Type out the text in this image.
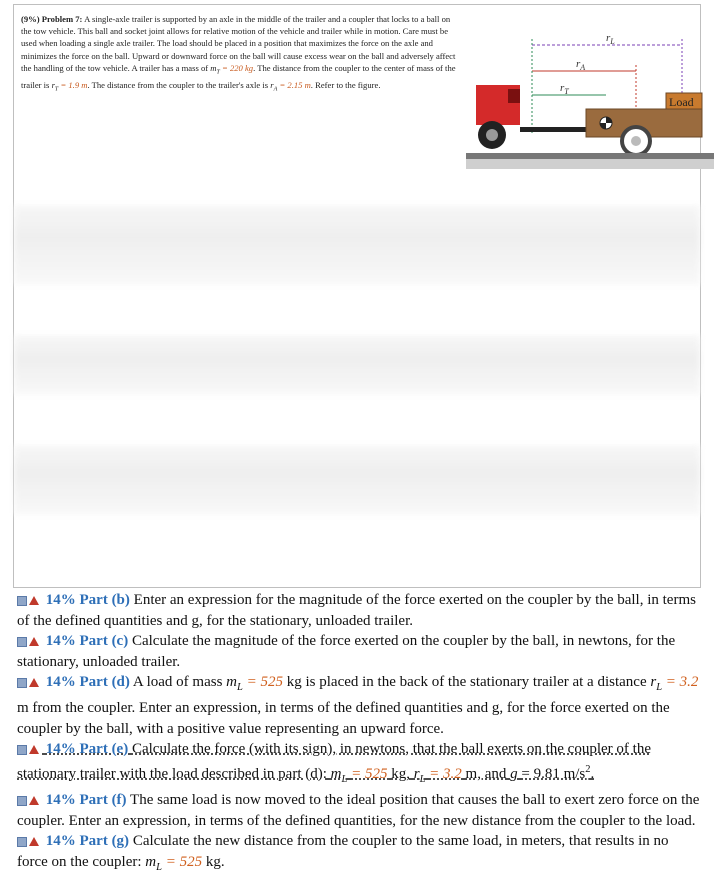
(9%) Problem 7: A single-axle trailer is supported by an axle in the middle of the trailer and a coupler that locks to a ball on the tow vehicle. This ball and socket joint allows for relative motion of the vehicle and trailer while in motion. Care must be used when loading a single axle trailer. The load should be placed in a position that maximizes the force on the axle and minimizes the force on the ball. Upward or downward force on the ball will cause excess wear on the ball and adversely affect the handling of the tow vehicle. A trailer has a mass of $m_T = 220$ kg. The distance from the coupler to the center of mass of the trailer is $r_T = 1.9$ m. The distance from the coupler to the trailer's axle is $r_A = 2.15$ m. Refer to the figure.
$r_L$
$r_A$
$r_T$
Load

14% Part (b) Enter an expression for the magnitude of the force exerted on the coupler by the ball, in terms of the defined quantities and g, for the stationary, unloaded trailer.

14% Part (c) Calculate the magnitude of the force exerted on the coupler by the ball, in newtons, for the stationary, unloaded trailer.

14% Part (d) A load of mass $m_L = 525$ kg is placed in the back of the stationary trailer at a distance $r_L = 3.2$ m from the coupler. Enter an expression, in terms of the defined quantities and g, for the force exerted on the coupler by the ball, with a positive value representing an upward force.

14% Part (e) Calculate the force (with its sign), in newtons, that the ball exerts on the coupler of the stationary trailer with the load described in part (d): $m_L = 525$ kg, $r_L = 3.2$ m, and g = 9.81 $m/s^2$.

14% Part (f) The same load is now moved to the ideal position that causes the ball to exert zero force on the coupler. Enter an expression, in terms of the defined quantities, for the new distance from the coupler to the load.

14% Part (g) Calculate the new distance from the coupler to the same load, in meters, that results in no force on the coupler: $m_L = 525$ kg.
